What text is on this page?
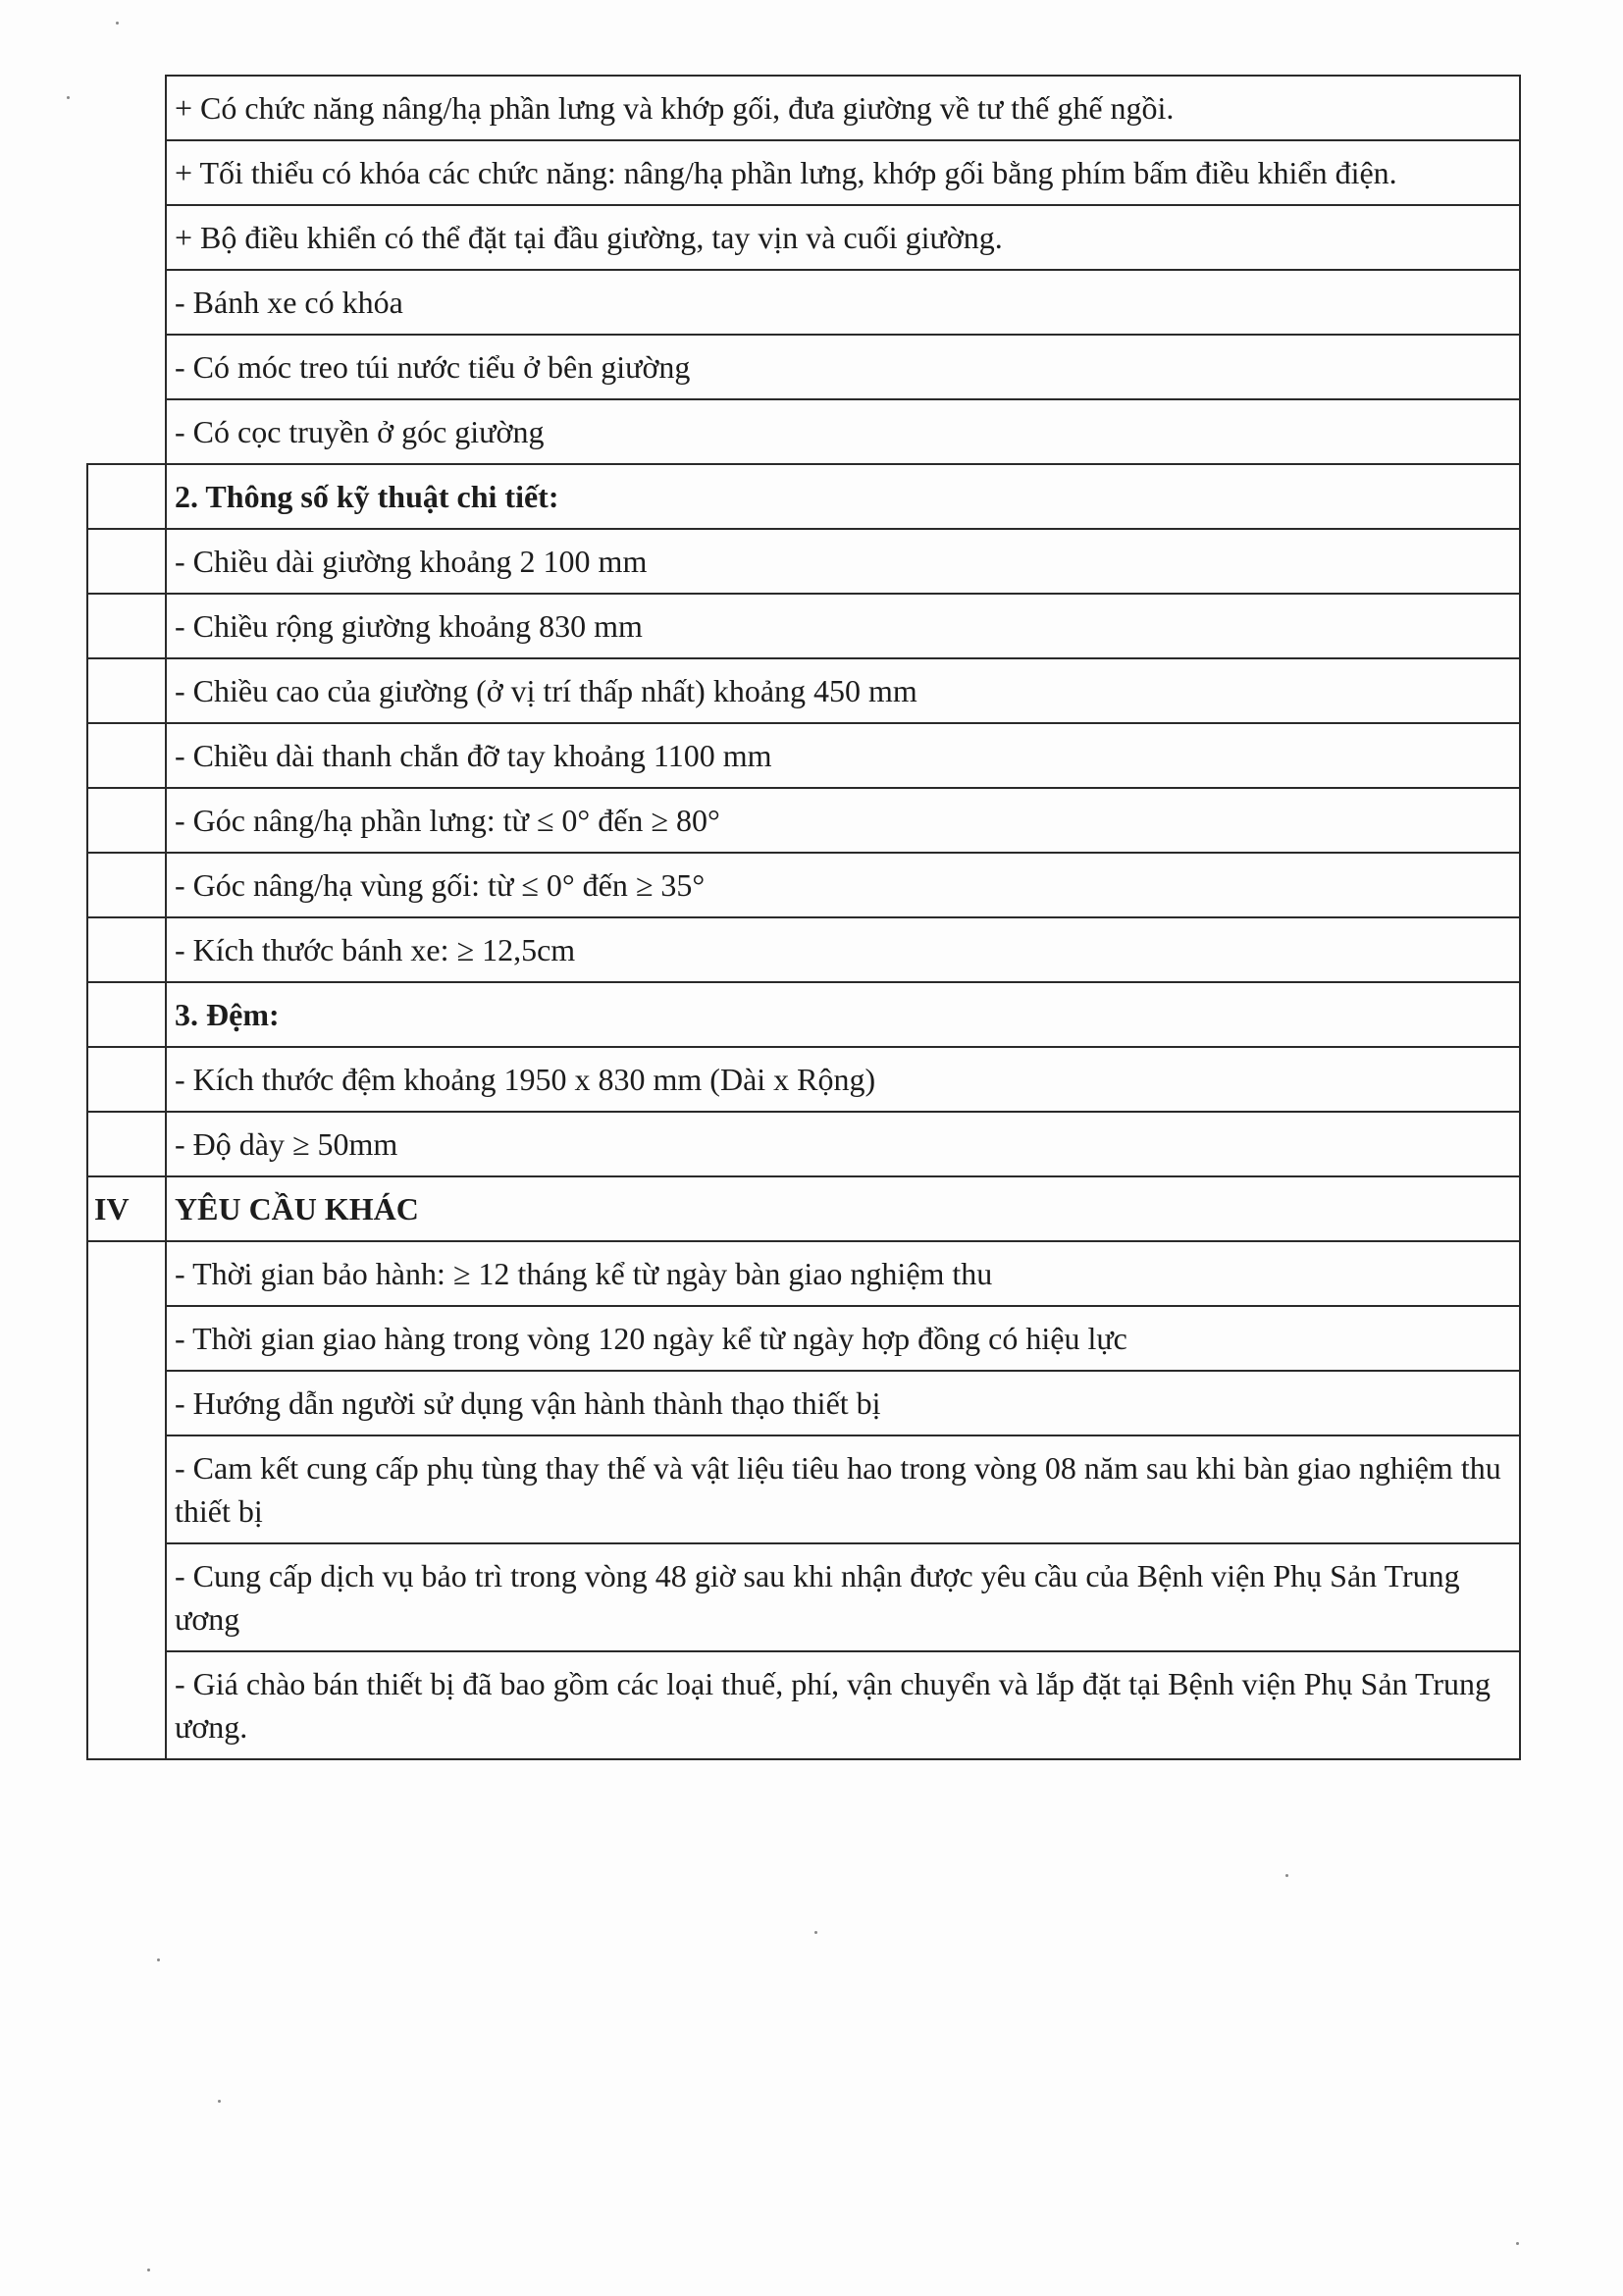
	+ Có chức năng nâng/hạ phần lưng và khớp gối, đưa giường về tư thế ghế ngồi.
	+ Tối thiểu có khóa các chức năng: nâng/hạ phần lưng, khớp gối bằng phím bấm điều khiển điện.
	+ Bộ điều khiển có thể đặt tại đầu giường, tay vịn và cuối giường.
	- Bánh xe có khóa
	- Có móc treo túi nước tiểu ở bên giường
	- Có cọc truyền ở góc giường
	2. Thông số kỹ thuật chi tiết:
	- Chiều dài giường khoảng 2 100 mm
	- Chiều rộng giường khoảng 830 mm
	- Chiều cao của giường (ở vị trí thấp nhất) khoảng 450 mm
	- Chiều dài thanh chắn đỡ tay khoảng 1100 mm
	- Góc nâng/hạ phần lưng: từ ≤ 0° đến ≥ 80°
	- Góc nâng/hạ vùng gối: từ ≤ 0° đến ≥ 35°
	- Kích thước bánh xe: ≥ 12,5cm
	3. Đệm:
	- Kích thước đệm khoảng 1950 x 830 mm (Dài x Rộng)
	- Độ dày ≥ 50mm
IV	YÊU CẦU KHÁC
	- Thời gian bảo hành: ≥ 12 tháng kể từ ngày bàn giao nghiệm thu
	- Thời gian giao hàng trong vòng 120 ngày kể từ ngày hợp đồng có hiệu lực
	- Hướng dẫn người sử dụng vận hành thành thạo thiết bị
	- Cam kết cung cấp phụ tùng thay thế và vật liệu tiêu hao trong vòng 08 năm sau khi bàn giao nghiệm thu thiết bị
	- Cung cấp dịch vụ bảo trì trong vòng 48 giờ sau khi nhận được yêu cầu của Bệnh viện Phụ Sản Trung ương
	- Giá chào bán thiết bị đã bao gồm các loại thuế, phí, vận chuyển và lắp đặt tại Bệnh viện Phụ Sản Trung ương.
